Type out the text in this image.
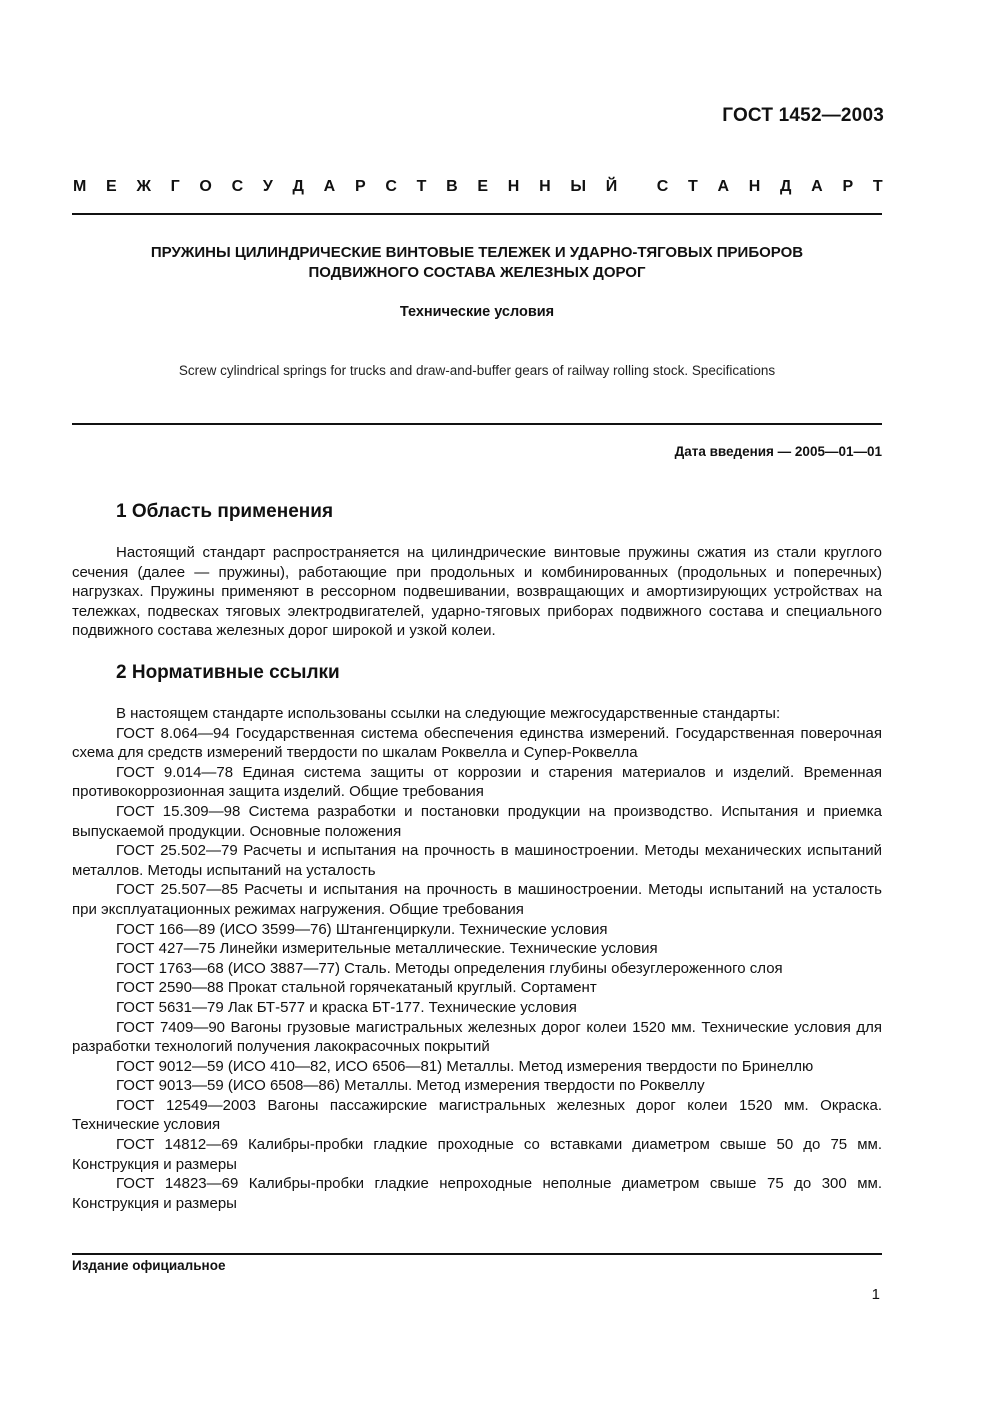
ГОСТ 1452—2003
М Е Ж Г О С У Д А Р С Т В Е Н Н Ы Й С Т А Н Д А Р Т
ПРУЖИНЫ ЦИЛИНДРИЧЕСКИЕ ВИНТОВЫЕ ТЕЛЕЖЕК И УДАРНО-ТЯГОВЫХ ПРИБОРОВ
ПОДВИЖНОГО СОСТАВА ЖЕЛЕЗНЫХ ДОРОГ
Технические условия
Screw cylindrical springs for trucks and draw-and-buffer gears of railway rolling stock. Specifications
Дата введения — 2005—01—01
1 Область применения

Настоящий стандарт распространяется на цилиндрические винтовые пружины сжатия из стали круглого сечения (далее — пружины), работающие при продольных и комбинированных (продольных и поперечных) нагрузках. Пружины применяют в рессорном подвешивании, возвращающих и амортизирующих устройствах на тележках, подвесках тяговых электродвигателей, ударно-тяговых приборах подвижного состава и специального подвижного состава железных дорог широкой и узкой колеи.

2 Нормативные ссылки

В настоящем стандарте использованы ссылки на следующие межгосударственные стандарты:

ГОСТ 8.064—94 Государственная система обеспечения единства измерений. Государственная поверочная схема для средств измерений твердости по шкалам Роквелла и Супер-Роквелла

ГОСТ 9.014—78 Единая система защиты от коррозии и старения материалов и изделий. Временная противокоррозионная защита изделий. Общие требования

ГОСТ 15.309—98 Система разработки и постановки продукции на производство. Испытания и приемка выпускаемой продукции. Основные положения

ГОСТ 25.502—79 Расчеты и испытания на прочность в машиностроении. Методы механических испытаний металлов. Методы испытаний на усталость

ГОСТ 25.507—85 Расчеты и испытания на прочность в машиностроении. Методы испытаний на усталость при эксплуатационных режимах нагружения. Общие требования

ГОСТ 166—89 (ИСО 3599—76) Штангенциркули. Технические условия

ГОСТ 427—75 Линейки измерительные металлические. Технические условия

ГОСТ 1763—68 (ИСО 3887—77) Сталь. Методы определения глубины обезуглероженного слоя

ГОСТ 2590—88 Прокат стальной горячекатаный круглый. Сортамент

ГОСТ 5631—79 Лак БТ-577 и краска БТ-177. Технические условия

ГОСТ 7409—90 Вагоны грузовые магистральных железных дорог колеи 1520 мм. Технические условия для разработки технологий получения лакокрасочных покрытий

ГОСТ 9012—59 (ИСО 410—82, ИСО 6506—81) Металлы. Метод измерения твердости по Бринеллю

ГОСТ 9013—59 (ИСО 6508—86) Металлы. Метод измерения твердости по Роквеллу

ГОСТ 12549—2003 Вагоны пассажирские магистральных железных дорог колеи 1520 мм. Окраска. Технические условия

ГОСТ 14812—69 Калибры-пробки гладкие проходные со вставками диаметром свыше 50 до 75 мм. Конструкция и размеры

ГОСТ 14823—69 Калибры-пробки гладкие непроходные неполные диаметром свыше 75 до 300 мм. Конструкция и размеры

Издание официальное
1
